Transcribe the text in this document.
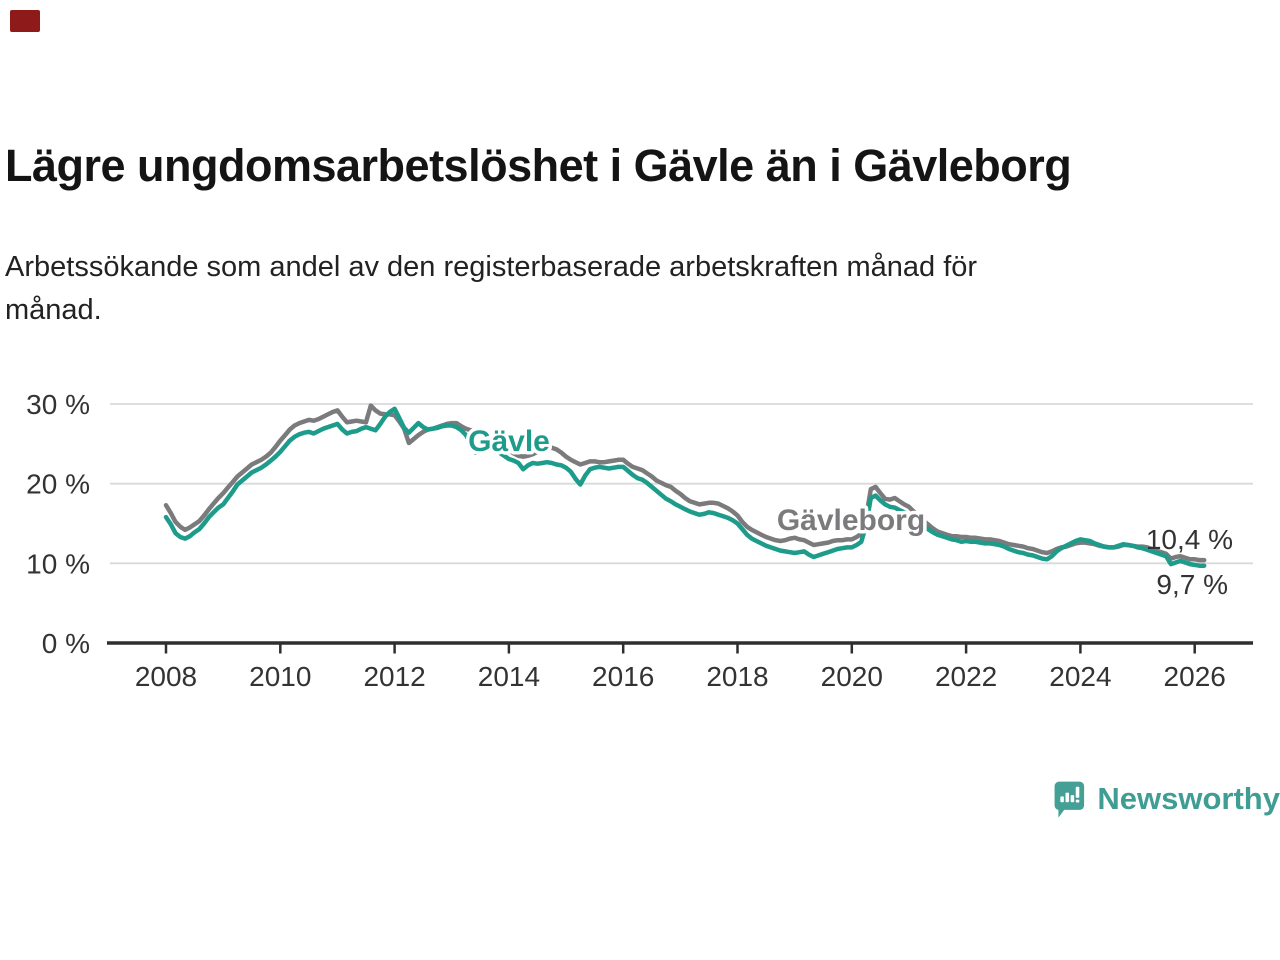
Lägre ungdomsarbetslöshet i Gävle än i Gävleborg

Arbetssökande som andel av den registerbaserade arbetskraften månad för
månad.

30 %
20 %
10 %
0 %
2008 2010 2012 2014 2016 2018 2020 2022 2024 2026
Gävle
Gävleborg
9,7 %
10,4 %
Newsworthy
